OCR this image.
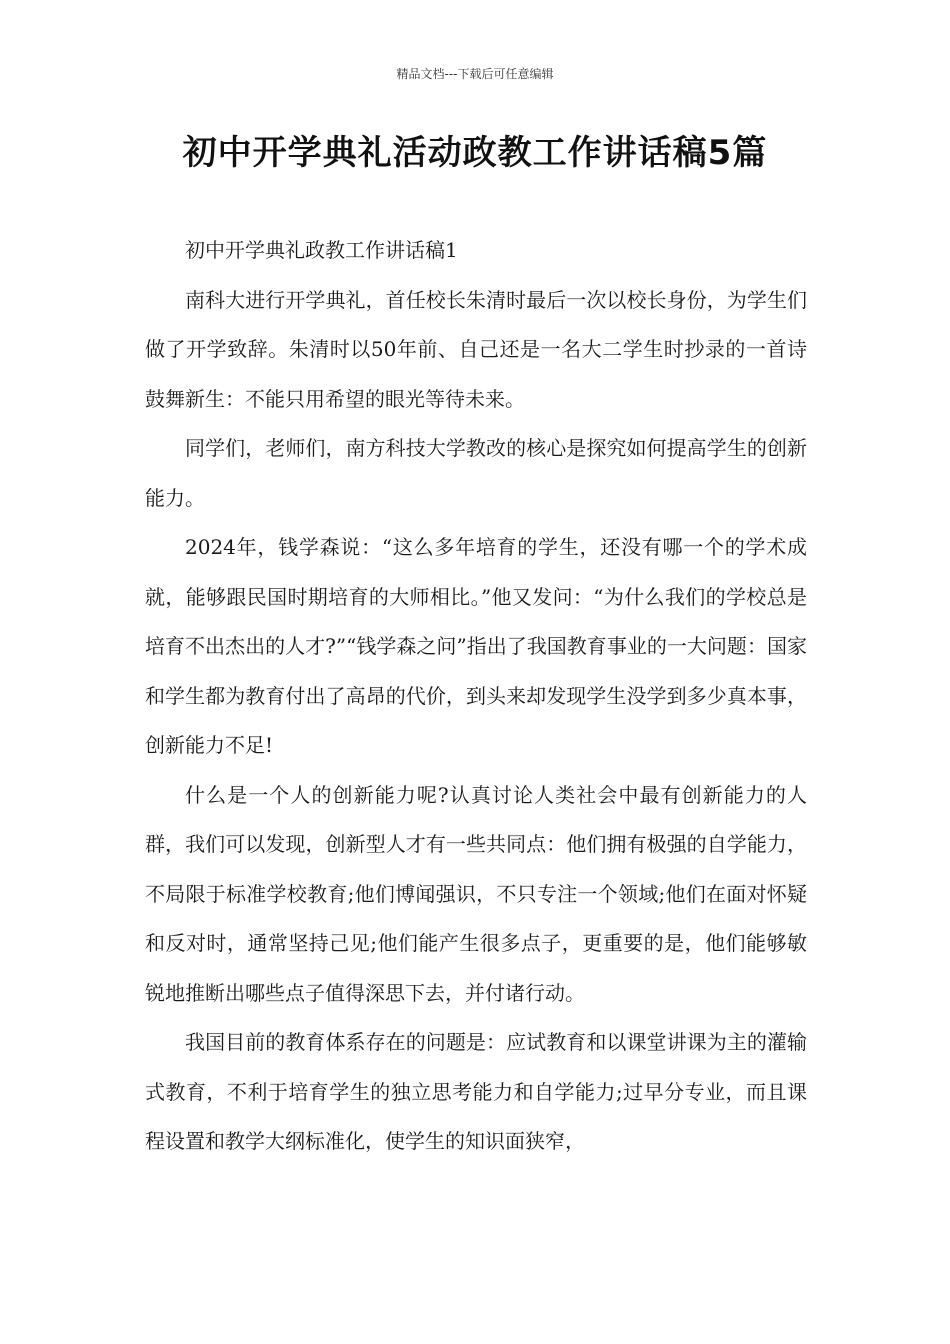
精品文档---下载后可任意编辑
初中开学典礼活动政教工作讲话稿5篇

初中开学典礼政教工作讲话稿1

南科大进行开学典礼，首任校长朱清时最后一次以校长身份，为学生们做了开学致辞。朱清时以50年前、自己还是一名大二学生时抄录的一首诗鼓舞新生：不能只用希望的眼光等待未来。

同学们，老师们，南方科技大学教改的核心是探究如何提高学生的创新能力。

2024年，钱学森说：“这么多年培育的学生，还没有哪一个的学术成就，能够跟民国时期培育的大师相比。”他又发问：“为什么我们的学校总是培育不出杰出的人才?”“钱学森之问”指出了我国教育事业的一大问题：国家和学生都为教育付出了高昂的代价，到头来却发现学生没学到多少真本事，创新能力不足!

什么是一个人的创新能力呢?认真讨论人类社会中最有创新能力的人群，我们可以发现，创新型人才有一些共同点：他们拥有极强的自学能力，不局限于标准学校教育;他们博闻强识，不只专注一个领域;他们在面对怀疑和反对时，通常坚持己见;他们能产生很多点子，更重要的是，他们能够敏锐地推断出哪些点子值得深思下去，并付诸行动。

我国目前的教育体系存在的问题是：应试教育和以课堂讲课为主的灌输式教育，不利于培育学生的独立思考能力和自学能力;过早分专业，而且课程设置和教学大纲标准化，使学生的知识面狭窄，
